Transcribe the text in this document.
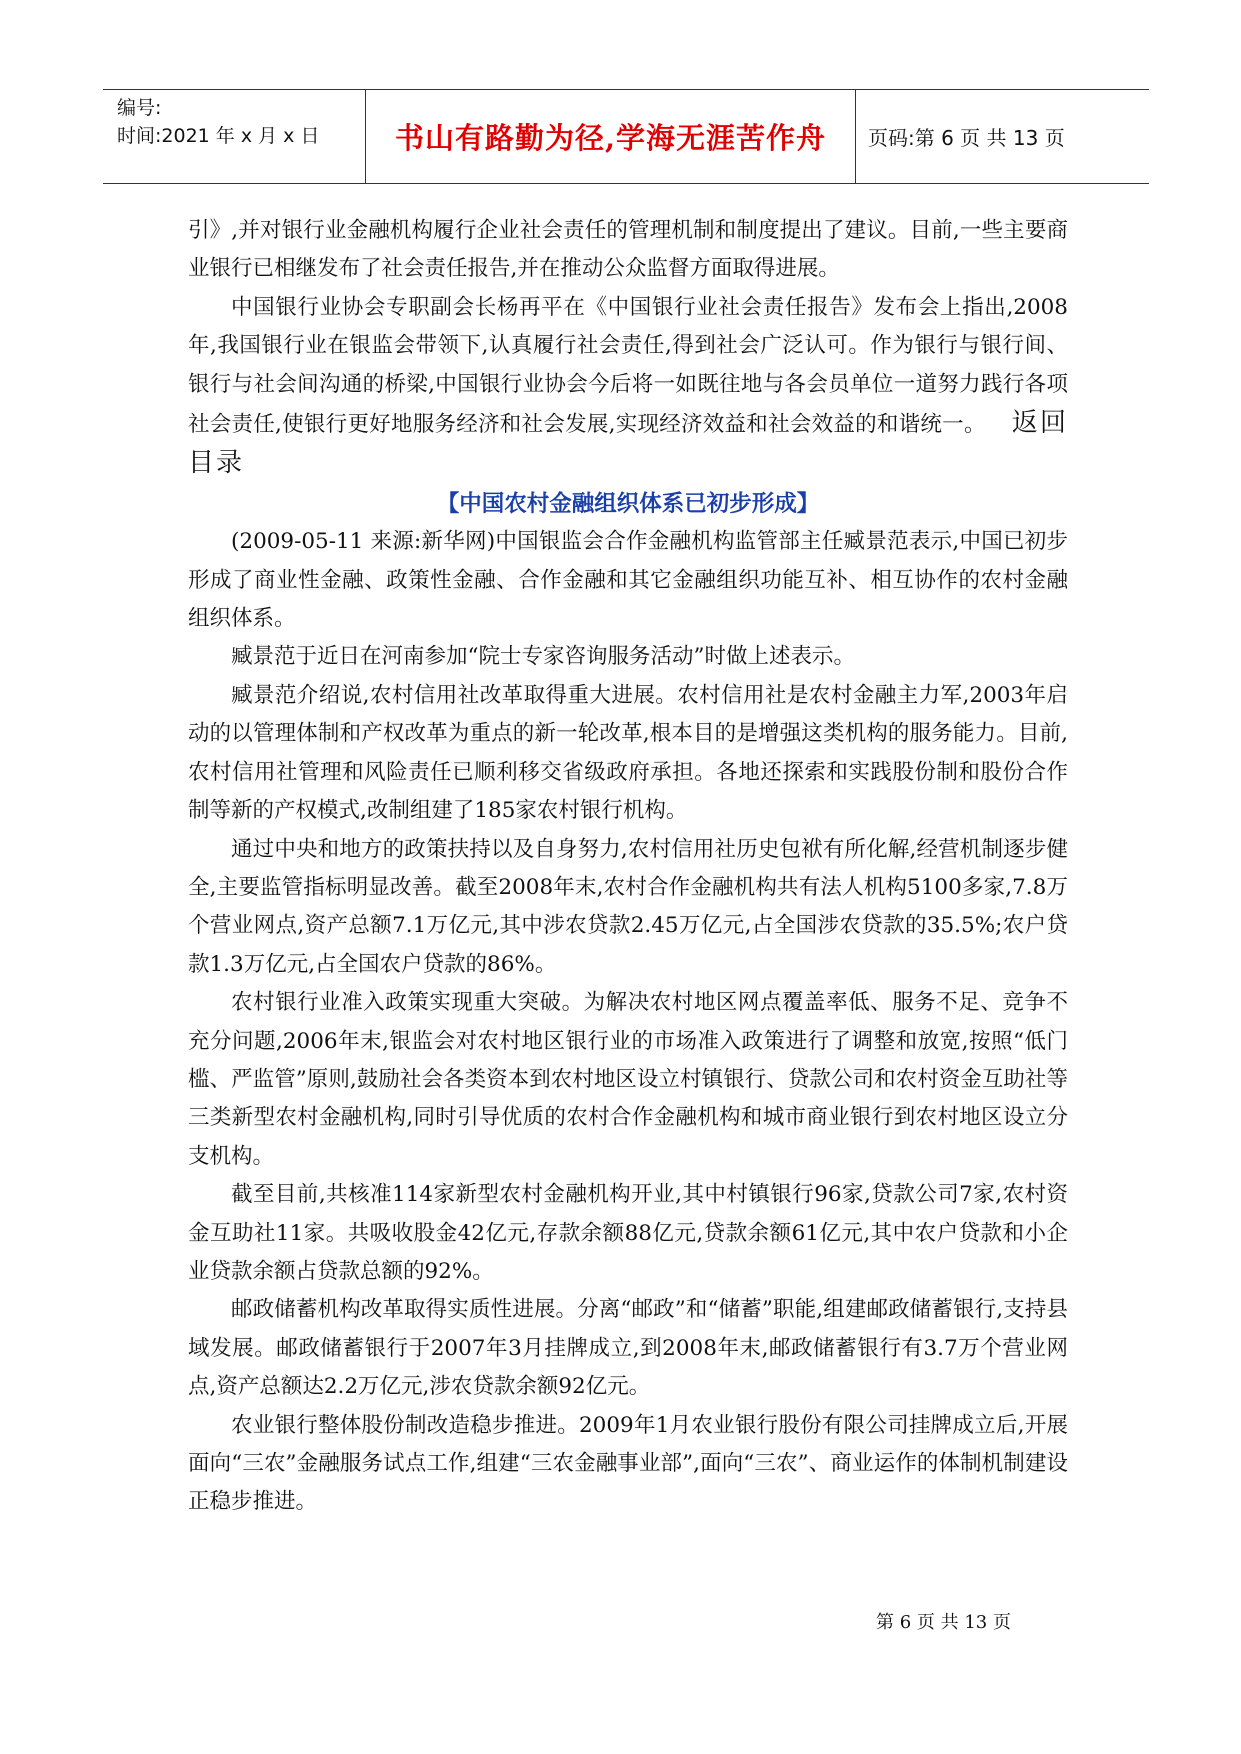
编号:
时间:2021 年 x 月 x 日	书山有路勤为径,学海无涯苦作舟	页码:第 6 页 共 13 页

引》,并对银行业金融机构履行企业社会责任的管理机制和制度提出了建议。目前,一些主要商业银行已相继发布了社会责任报告,并在推动公众监督方面取得进展。

中国银行业协会专职副会长杨再平在《中国银行业社会责任报告》发布会上指出,2008 年,我国银行业在银监会带领下,认真履行社会责任,得到社会广泛认可。作为银行与银行间、银行与社会间沟通的桥梁,中国银行业协会今后将一如既往地与各会员单位一道努力践行各项社会责任,使银行更好地服务经济和社会发展,实现经济效益和社会效益的和谐统一。 返回目录

【中国农村金融组织体系已初步形成】

(2009-05-11 来源:新华网)中国银监会合作金融机构监管部主任臧景范表示,中国已初步形成了商业性金融、政策性金融、合作金融和其它金融组织功能互补、相互协作的农村金融组织体系。

臧景范于近日在河南参加“院士专家咨询服务活动”时做上述表示。

臧景范介绍说,农村信用社改革取得重大进展。农村信用社是农村金融主力军,2003年启动的以管理体制和产权改革为重点的新一轮改革,根本目的是增强这类机构的服务能力。目前,农村信用社管理和风险责任已顺利移交省级政府承担。各地还探索和实践股份制和股份合作制等新的产权模式,改制组建了185家农村银行机构。

通过中央和地方的政策扶持以及自身努力,农村信用社历史包袱有所化解,经营机制逐步健全,主要监管指标明显改善。截至2008年末,农村合作金融机构共有法人机构5100多家,7.8万个营业网点,资产总额7.1万亿元,其中涉农贷款2.45万亿元,占全国涉农贷款的35.5%;农户贷款1.3万亿元,占全国农户贷款的86%。

农村银行业准入政策实现重大突破。为解决农村地区网点覆盖率低、服务不足、竞争不充分问题,2006年末,银监会对农村地区银行业的市场准入政策进行了调整和放宽,按照“低门槛、严监管”原则,鼓励社会各类资本到农村地区设立村镇银行、贷款公司和农村资金互助社等三类新型农村金融机构,同时引导优质的农村合作金融机构和城市商业银行到农村地区设立分支机构。

截至目前,共核准114家新型农村金融机构开业,其中村镇银行96家,贷款公司7家,农村资金互助社11家。共吸收股金42亿元,存款余额88亿元,贷款余额61亿元,其中农户贷款和小企业贷款余额占贷款总额的92%。

邮政储蓄机构改革取得实质性进展。分离“邮政”和“储蓄”职能,组建邮政储蓄银行,支持县域发展。邮政储蓄银行于2007年3月挂牌成立,到2008年末,邮政储蓄银行有3.7万个营业网点,资产总额达2.2万亿元,涉农贷款余额92亿元。

农业银行整体股份制改造稳步推进。2009年1月农业银行股份有限公司挂牌成立后,开展面向“三农”金融服务试点工作,组建“三农金融事业部”,面向“三农”、商业运作的体制机制建设正稳步推进。

第 6 页 共 13 页
